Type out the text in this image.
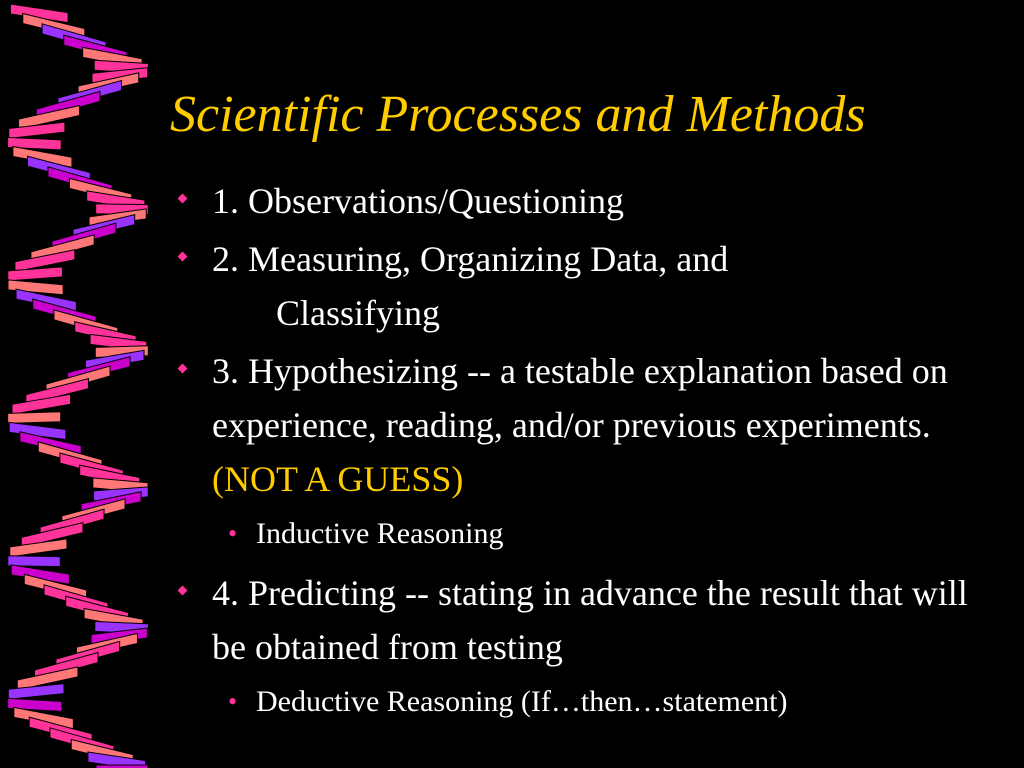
Scientific Processes and Methods
1. Observations/Questioning
2. Measuring, Organizing Data, and
Classifying
3. Hypothesizing -- a testable explanation based on experience, reading, and/or previous experiments.  (NOT A GUESS)
• Inductive Reasoning
4. Predicting -- stating in advance the result that will be obtained from testing
• Deductive Reasoning (If…then…statement)
